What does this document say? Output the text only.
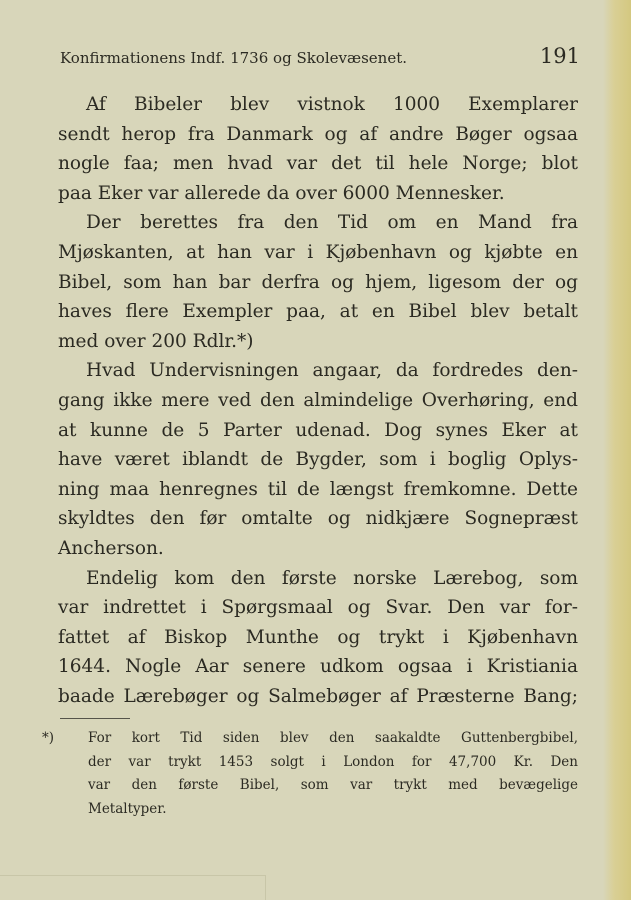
Konfirmationens Indf. 1736 og Skolevæsenet.	191
Af Bibeler blev vistnok 1000 Exemplarer
sendt herop fra Danmark og af andre Bøger ogsaa
nogle faa; men hvad var det til hele Norge; blot
paa Eker var allerede da over 6000 Mennesker.
Der berettes fra den Tid om en Mand fra
Mjøskanten, at han var i Kjøbenhavn og kjøbte en
Bibel, som han bar derfra og hjem, ligesom der og
haves flere Exempler paa, at en Bibel blev betalt
med over 200 Rdlr.*)
Hvad Undervisningen angaar, da fordredes den-
gang ikke mere ved den almindelige Overhøring, end
at kunne de 5 Parter udenad. Dog synes Eker at
have været iblandt de Bygder, som i boglig Oplys-
ning maa henregnes til de længst fremkomne. Dette
skyldtes den før omtalte og nidkjære Sognepræst
Ancherson.
Endelig kom den første norske Lærebog, som
var indrettet i Spørgsmaal og Svar. Den var for-
fattet af Biskop Munthe og trykt i Kjøbenhavn
1644. Nogle Aar senere udkom ogsaa i Kristiania
baade Lærebøger og Salmebøger af Præsterne Bang;
*)	For kort Tid siden blev den saakaldte Guttenbergbibel,
der var trykt 1453 solgt i London for 47,700 Kr. Den
var den første Bibel, som var trykt med bevægelige
Metaltyper.
